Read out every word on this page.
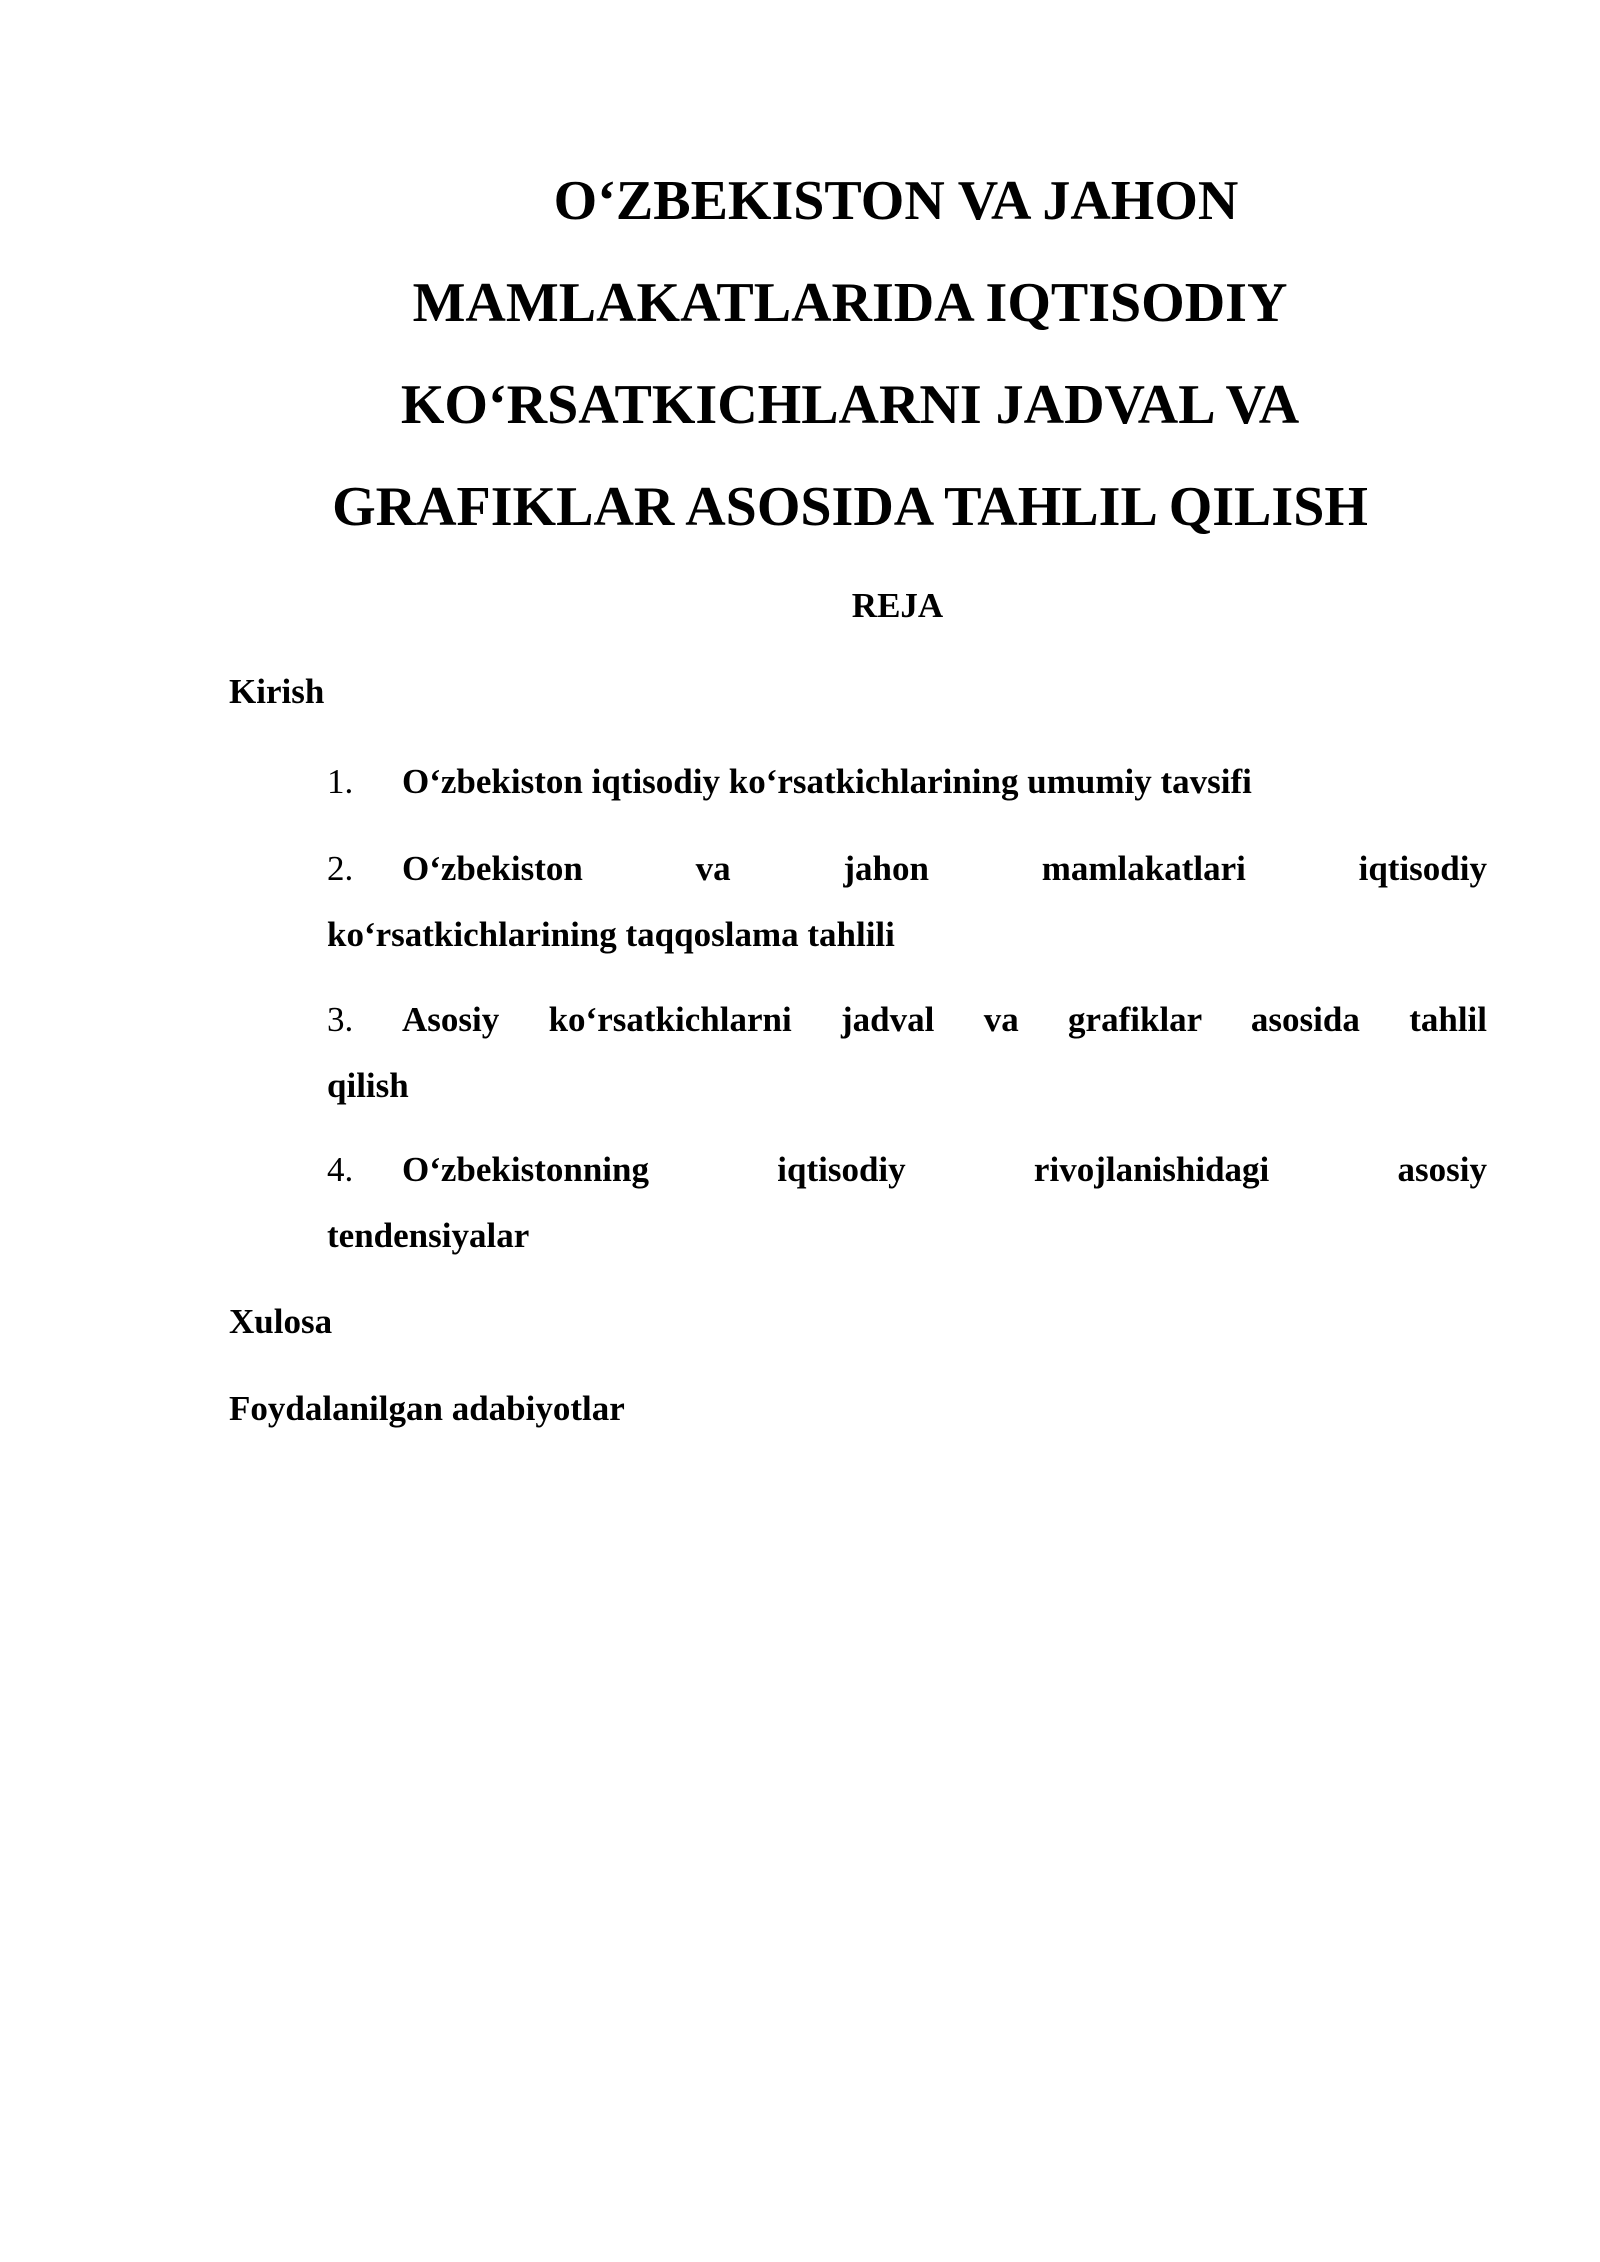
O‘ZBEKISTON VA JAHON
MAMLAKATLARIDA IQTISODIY
KO‘RSATKICHLARNI JADVAL VA
GRAFIKLAR ASOSIDA TAHLIL QILISH
REJA
Kirish
1.	O‘zbekiston iqtisodiy ko‘rsatkichlarining umumiy tavsifi
2.	O‘zbekiston va jahon mamlakatlari iqtisodiy
ko‘rsatkichlarining taqqoslama tahlili
3.	Asosiy ko‘rsatkichlarni jadval va grafiklar asosida tahlil
qilish
4.	O‘zbekistonning iqtisodiy rivojlanishidagi asosiy
tendensiyalar
Xulosa
Foydalanilgan adabiyotlar
